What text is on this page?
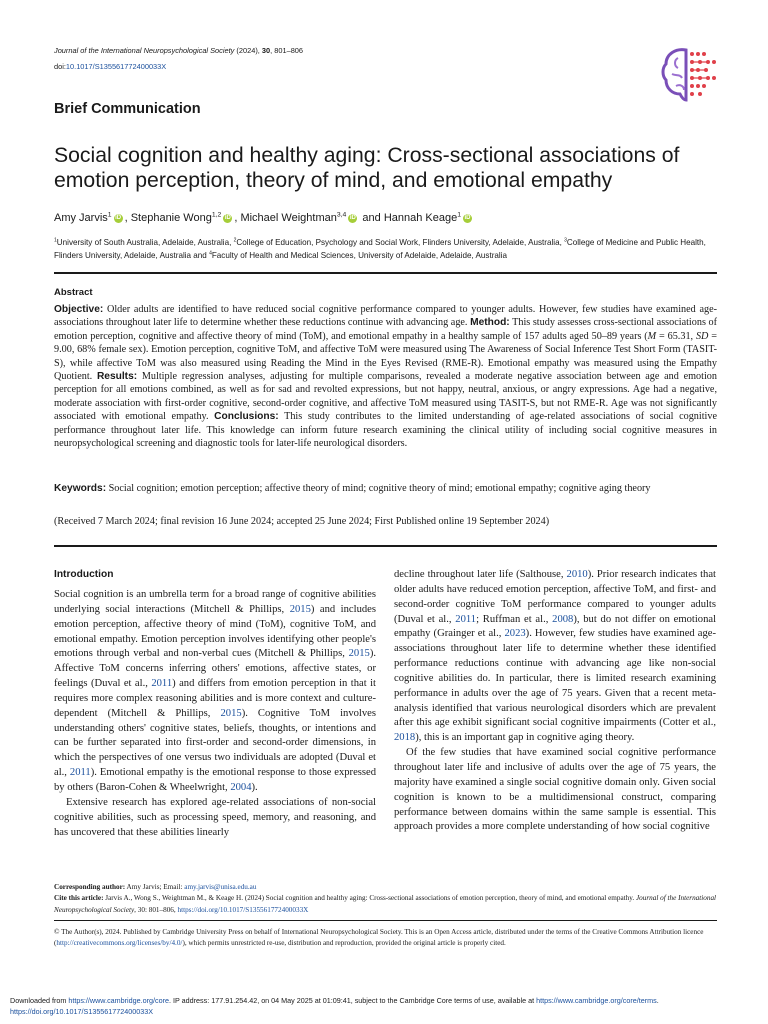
Journal of the International Neuropsychological Society (2024), 30, 801–806
doi:10.1017/S135561772400033X
Brief Communication
Social cognition and healthy aging: Cross-sectional associations of emotion perception, theory of mind, and emotional empathy
Amy Jarvis$^1$ iD , Stephanie Wong$^{1,2}$ iD , Michael Weightman$^{3,4}$ iD and Hannah Keage$^1$ iD
$^1$University of South Australia, Adelaide, Australia, $^2$College of Education, Psychology and Social Work, Flinders University, Adelaide, Australia, $^3$College of Medicine and Public Health, Flinders University, Adelaide, Australia and $^4$Faculty of Health and Medical Sciences, University of Adelaide, Adelaide, Australia
Abstract
Objective: Older adults are identified to have reduced social cognitive performance compared to younger adults. However, few studies have examined age-associations throughout later life to determine whether these reductions continue with advancing age. Method: This study assesses cross-sectional associations of emotion perception, cognitive and affective theory of mind (ToM), and emotional empathy in a healthy sample of 157 adults aged 50–89 years (M = 65.31, SD = 9.00, 68% female sex). Emotion perception, cognitive ToM, and affective ToM were measured using The Awareness of Social Inference Test Short Form (TASIT-S), while affective ToM was also measured using Reading the Mind in the Eyes Revised (RME-R). Emotional empathy was measured using the Empathy Quotient. Results: Multiple regression analyses, adjusting for multiple comparisons, revealed a moderate negative association between age and emotion perception for all emotions combined, as well as for sad and revolted expressions, but not happy, neutral, anxious, or angry expressions. Age had a negative, moderate association with first-order cognitive, second-order cognitive, and affective ToM measured using TASIT-S, but not RME-R. Age was not significantly associated with emotional empathy. Conclusions: This study contributes to the limited understanding of age-related associations of social cognitive performance throughout later life. This knowledge can inform future research examining the clinical utility of including social cognitive measures in neuropsychological screening and diagnostic tools for later-life neurological disorders.
Keywords: Social cognition; emotion perception; affective theory of mind; cognitive theory of mind; emotional empathy; cognitive aging theory
(Received 7 March 2024; final revision 16 June 2024; accepted 25 June 2024; First Published online 19 September 2024)
Introduction

Social cognition is an umbrella term for a broad range of cognitive abilities underlying social interactions (Mitchell & Phillips, 2015) and includes emotion perception, affective theory of mind (ToM), cognitive ToM, and emotional empathy. Emotion perception involves identifying other people's emotions through verbal and non-verbal cues (Mitchell & Phillips, 2015). Affective ToM concerns inferring others' emotions, affective states, or feelings (Duval et al., 2011) and differs from emotion perception in that it requires more complex reasoning abilities and is more context and culture-dependent (Mitchell & Phillips, 2015). Cognitive ToM involves understanding others' cognitive states, beliefs, thoughts, or intentions and can be further separated into first-order and second-order dimensions, in which the perspectives of one versus two individuals are adopted (Duval et al., 2011). Emotional empathy is the emotional response to those expressed by others (Baron-Cohen & Wheelwright, 2004).

Extensive research has explored age-related associations of non-social cognitive abilities, such as processing speed, memory, and reasoning, and has uncovered that these abilities linearly

decline throughout later life (Salthouse, 2010). Prior research indicates that older adults have reduced emotion perception, affective ToM, and first- and second-order cognitive ToM performance compared to younger adults (Duval et al., 2011; Ruffman et al., 2008), but do not differ on emotional empathy (Grainger et al., 2023). However, few studies have examined age-associations throughout later life to determine whether these identified performance reductions continue with advancing age like non-social cognitive abilities do. In particular, there is limited research examining performance in adults over the age of 75 years. Given that a recent meta-analysis identified that various neurological disorders which are prevalent after this age exhibit significant social cognitive impairments (Cotter et al., 2018), this is an important gap in cognitive aging theory.

Of the few studies that have examined social cognitive performance throughout later life and inclusive of adults over the age of 75 years, the majority have examined a single social cognitive domain only. Given social cognition is known to be a multidimensional construct, comparing performance between domains within the same sample is essential. This approach provides a more complete understanding of how social cognitive

Corresponding author: Amy Jarvis; Email: amy.jarvis@unisa.edu.au

Cite this article: Jarvis A., Wong S., Weightman M., & Keage H. (2024) Social cognition and healthy aging: Cross-sectional associations of emotion perception, theory of mind, and emotional empathy. Journal of the International Neuropsychological Society, 30: 801–806, https://doi.org/10.1017/S135561772400033X

© The Author(s), 2024. Published by Cambridge University Press on behalf of International Neuropsychological Society. This is an Open Access article, distributed under the terms of the Creative Commons Attribution licence (http://creativecommons.org/licenses/by/4.0/), which permits unrestricted re-use, distribution and reproduction, provided the original article is properly cited.
Downloaded from https://www.cambridge.org/core. IP address: 177.91.254.42, on 04 May 2025 at 01:09:41, subject to the Cambridge Core terms of use, available at https://www.cambridge.org/core/terms.
https://doi.org/10.1017/S135561772400033X
